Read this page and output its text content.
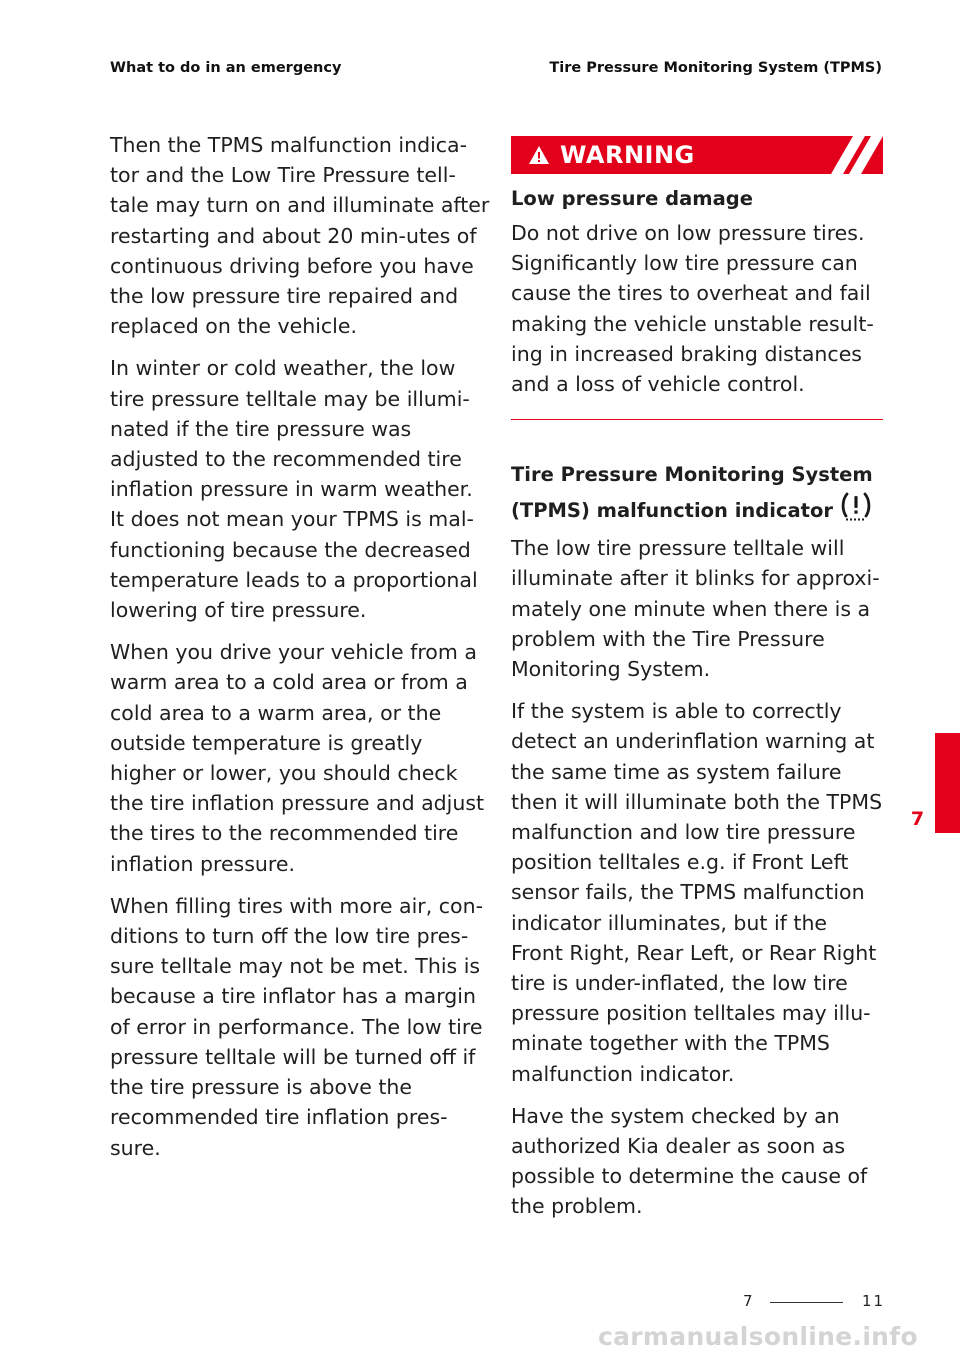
What to do in an emergency	Tire Pressure Monitoring System (TPMS)

Then the TPMS malfunction indica-tor and the Low Tire Pressure tell-tale may turn on and illuminate after restarting and about 20 min-utes of continuous driving before you have the low pressure tire repaired and replaced on the vehicle.

In winter or cold weather, the low tire pressure telltale may be illumi-nated if the tire pressure was adjusted to the recommended tire inflation pressure in warm weather. It does not mean your TPMS is mal-functioning because the decreased temperature leads to a proportional lowering of tire pressure.

When you drive your vehicle from a warm area to a cold area or from a cold area to a warm area, or the outside temperature is greatly higher or lower, you should check the tire inflation pressure and adjust the tires to the recommended tire inflation pressure.

When filling tires with more air, con-ditions to turn off the low tire pres-sure telltale may not be met. This is because a tire inflator has a margin of error in performance. The low tire pressure telltale will be turned off if the tire pressure is above the recommended tire inflation pres-sure.

WARNING
Low pressure damage
Do not drive on low pressure tires. Significantly low tire pressure can cause the tires to overheat and fail making the vehicle unstable result-ing in increased braking distances and a loss of vehicle control.
Tire Pressure Monitoring System (TPMS) malfunction indicator

The low tire pressure telltale will illuminate after it blinks for approxi-mately one minute when there is a problem with the Tire Pressure Monitoring System.

If the system is able to correctly detect an underinflation warning at the same time as system failure then it will illuminate both the TPMS malfunction and low tire pressure position telltales e.g. if Front Left sensor fails, the TPMS malfunction indicator illuminates, but if the Front Right, Rear Left, or Rear Right tire is under-inflated, the low tire pressure position telltales may illu-minate together with the TPMS malfunction indicator.

Have the system checked by an authorized Kia dealer as soon as possible to determine the cause of the problem.

7
7	11
carmanualsonline.info
